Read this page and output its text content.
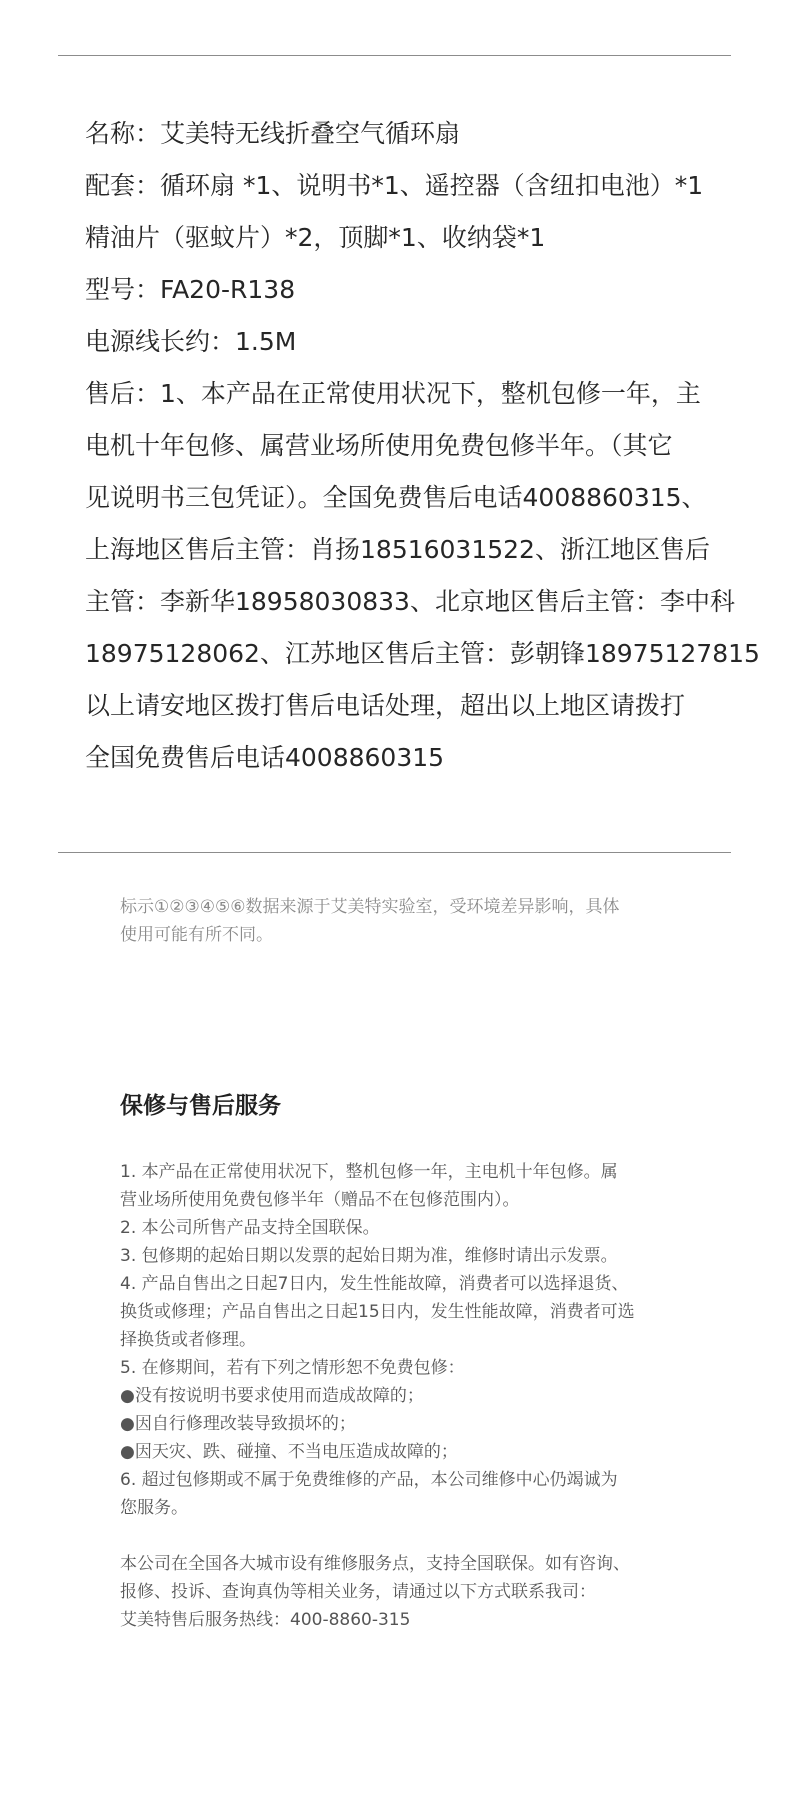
名称：艾美特无线折叠空气循环扇

配套：循环扇 *1、说明书*1、遥控器（含纽扣电池）*1

精油片（驱蚊片）*2，顶脚*1、收纳袋*1

型号：FA20-R138

电源线长约：1.5M

售后：1、本产品在正常使用状况下，整机包修一年，主

电机十年包修、属营业场所使用免费包修半年。（其它

见说明书三包凭证）。全国免费售后电话4008860315、

上海地区售后主管：肖扬18516031522、浙江地区售后

主管：李新华18958030833、北京地区售后主管：李中科

18975128062、江苏地区售后主管：彭朝锋18975127815

以上请安地区拨打售后电话处理，超出以上地区请拨打

全国免费售后电话4008860315

标示①②③④⑤⑥数据来源于艾美特实验室，受环境差异影响，具体

使用可能有所不同。

保修与售后服务

1. 本产品在正常使用状况下，整机包修一年，主电机十年包修。属

营业场所使用免费包修半年（赠品不在包修范围内）。

2. 本公司所售产品支持全国联保。

3. 包修期的起始日期以发票的起始日期为准，维修时请出示发票。

4. 产品自售出之日起7日内，发生性能故障，消费者可以选择退货、

换货或修理；产品自售出之日起15日内，发生性能故障，消费者可选

择换货或者修理。

5. 在修期间，若有下列之情形恕不免费包修：

●没有按说明书要求使用而造成故障的；

●因自行修理改装导致损坏的；

●因天灾、跌、碰撞、不当电压造成故障的；

6. 超过包修期或不属于免费维修的产品，本公司维修中心仍竭诚为

您服务。

本公司在全国各大城市设有维修服务点，支持全国联保。如有咨询、

报修、投诉、查询真伪等相关业务，请通过以下方式联系我司：

艾美特售后服务热线：400-8860-315
